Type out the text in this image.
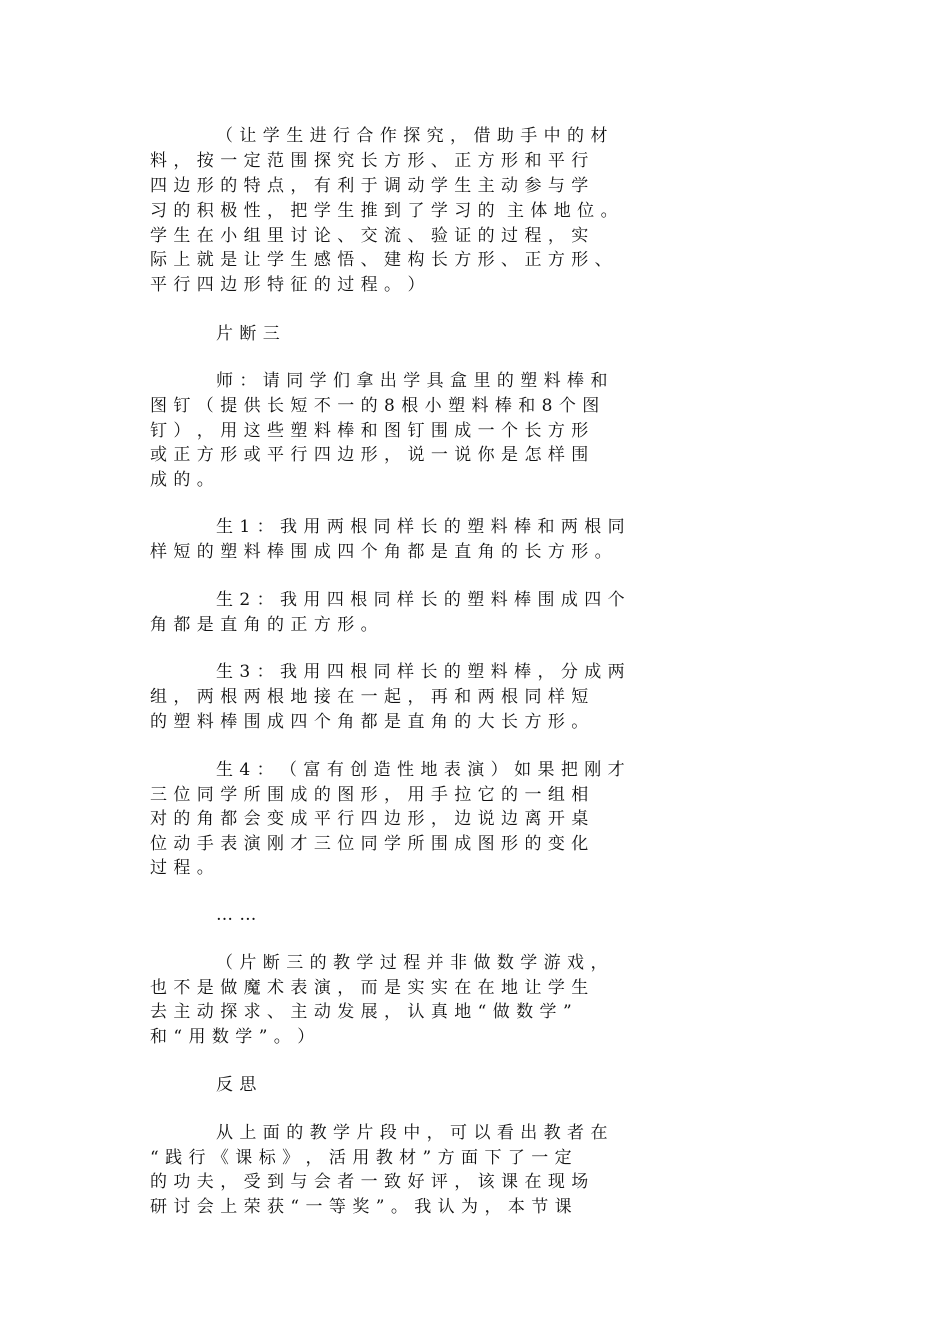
（ 让 学 生 进 行 合 作 探 究 ， 借 助 手 中 的 材
料 ， 按 一 定 范 围 探 究 长 方 形 、 正 方 形 和 平 行
四 边 形 的 特 点 ， 有 利 于 调 动 学 生 主 动 参 与 学
习 的 积 极 性 ， 把 学 生 推 到 了 学 习 的  主 体 地 位 。
学 生 在 小 组 里 讨 论 、 交 流 、 验 证 的 过 程 ， 实
际 上 就 是 让 学 生 感 悟 、 建 构 长 方 形 、 正 方 形 、
平 行 四 边 形 特 征 的 过 程 。 ）
片 断 三
师 ： 请 同 学 们 拿 出 学 具 盒 里 的 塑 料 棒 和
图 钉 （ 提 供 长 短 不 一 的 8 根 小 塑 料 棒 和 8 个 图
钉 ） ， 用 这 些 塑 料 棒 和 图 钉 围 成 一 个 长 方 形
或 正 方 形 或 平 行 四 边 形 ， 说 一 说 你 是 怎 样 围
成 的 。
生 1 ： 我 用 两 根 同 样 长 的 塑 料 棒 和 两 根 同
样 短 的 塑 料 棒 围 成 四 个 角 都 是 直 角 的 长 方 形 。
生 2 ： 我 用 四 根 同 样 长 的 塑 料 棒 围 成 四 个
角 都 是 直 角 的 正 方 形 。
生 3 ： 我 用 四 根 同 样 长 的 塑 料 棒 ， 分 成 两
组 ， 两 根 两 根 地 接 在 一 起 ， 再 和 两 根 同 样 短
的 塑 料 棒 围 成 四 个 角 都 是 直 角 的 大 长 方 形 。
生 4 ： （ 富 有 创 造 性 地 表 演 ） 如 果 把 刚 才
三 位 同 学 所 围 成 的 图 形 ， 用 手 拉 它 的 一 组 相
对 的 角 都 会 变 成 平 行 四 边 形 ， 边 说 边 离 开 桌
位 动 手 表 演 刚 才 三 位 同 学 所 围 成 图 形 的 变 化
过 程 。
… …
（ 片 断 三 的 教 学 过 程 并 非 做 数 学 游 戏 ，
也 不 是 做 魔 术 表 演 ， 而 是 实 实 在 在 地 让 学 生
去 主 动 探 求 、 主 动 发 展 ， 认 真 地 “ 做 数 学 ”
和 “ 用 数 学 ” 。 ）
反 思
从 上 面 的 教 学 片 段 中 ， 可 以 看 出 教 者 在
“ 践 行 《 课 标 》 ， 活 用 教 材 ” 方 面 下 了 一 定
的 功 夫 ， 受 到 与 会 者 一 致 好 评 ， 该 课 在 现 场
研 讨 会 上 荣 获 “ 一 等 奖 ” 。 我 认 为 ， 本 节 课
